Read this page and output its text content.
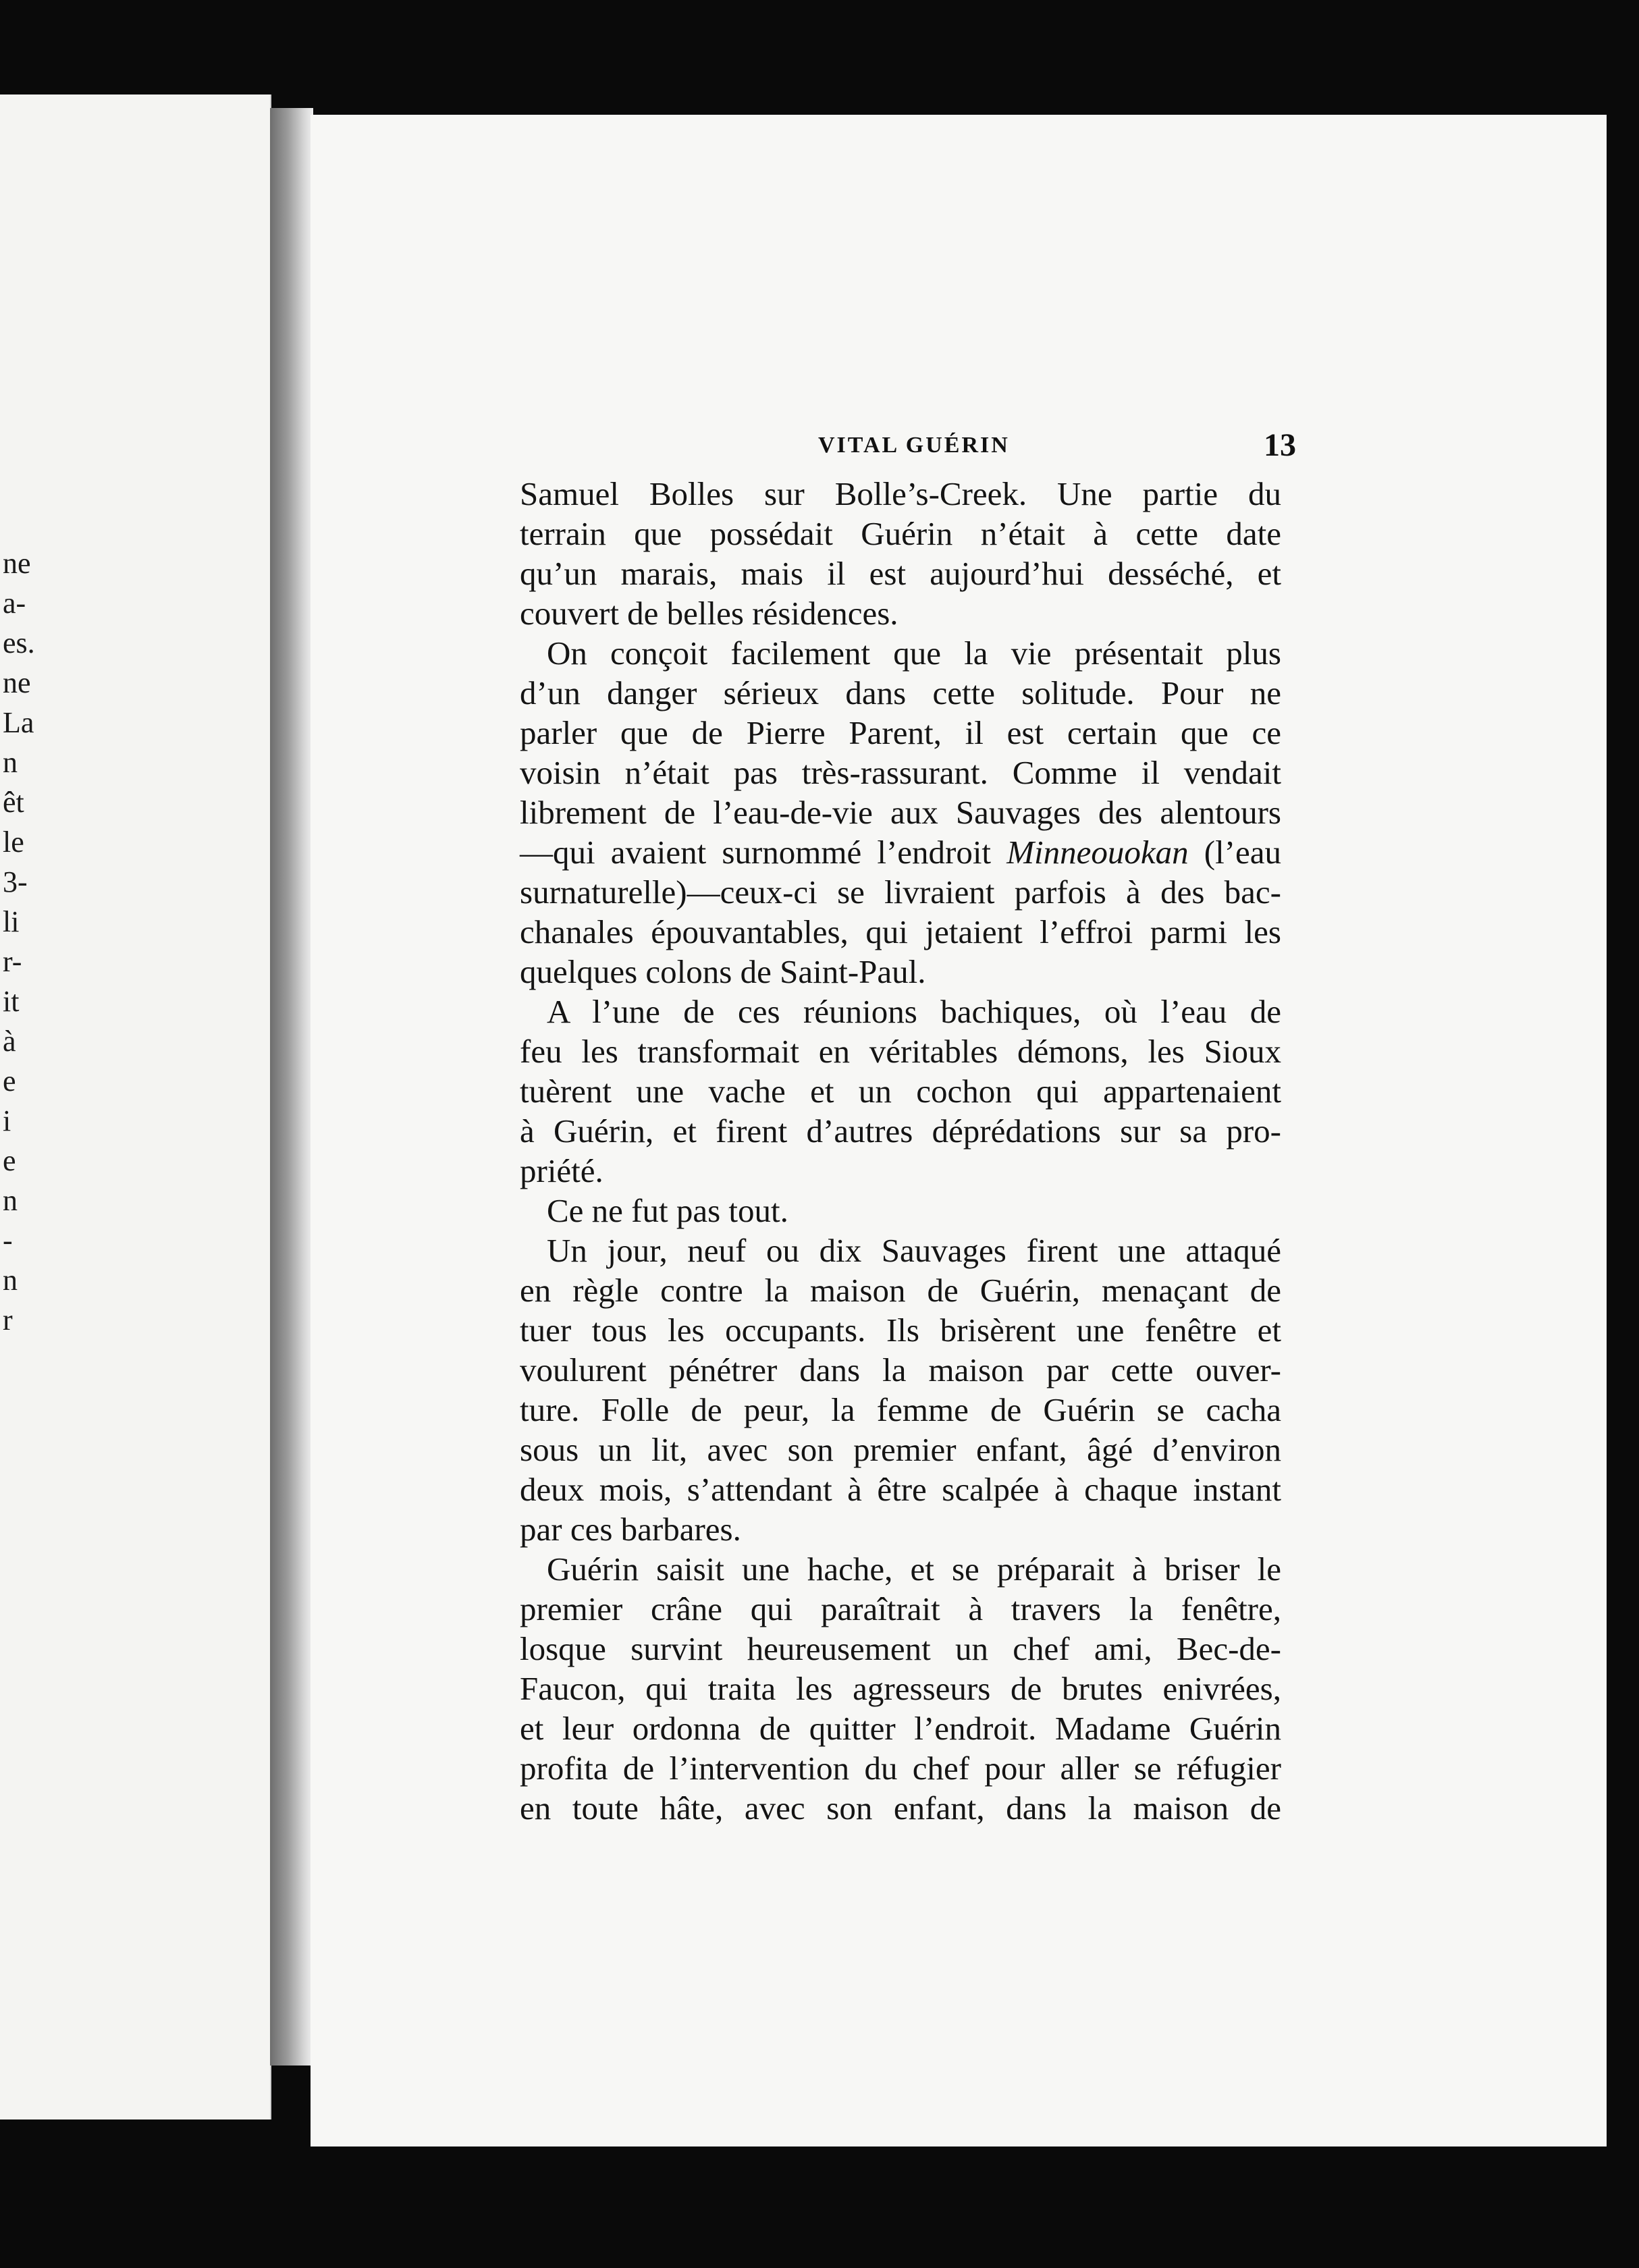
ne
a-
es.
ne
La
n
êt
le
3-
li
r-
it
à
e
i
e
n
-
n
r
VITAL GUÉRIN	13

Samuel Bolles sur Bolle’s-Creek. Une partie du

terrain que possédait Guérin n’était à cette date

qu’un marais, mais il est aujourd’hui desséché, et

couvert de belles résidences.

On conçoit facilement que la vie présentait plus

d’un danger sérieux dans cette solitude. Pour ne

parler que de Pierre Parent, il est certain que ce

voisin n’était pas très-rassurant. Comme il vendait

librement de l’eau-de-vie aux Sauvages des alentours

—qui avaient surnommé l’endroit Minneouokan (l’eau

surnaturelle)—ceux-ci se livraient parfois à des bac-

chanales épouvantables, qui jetaient l’effroi parmi les

quelques colons de Saint-Paul.

A l’une de ces réunions bachiques, où l’eau de

feu les transformait en véritables démons, les Sioux

tuèrent une vache et un cochon qui appartenaient

à Guérin, et firent d’autres déprédations sur sa pro-

priété.

Ce ne fut pas tout.

Un jour, neuf ou dix Sauvages firent une attaqué

en règle contre la maison de Guérin, menaçant de

tuer tous les occupants. Ils brisèrent une fenêtre et

voulurent pénétrer dans la maison par cette ouver-

ture. Folle de peur, la femme de Guérin se cacha

sous un lit, avec son premier enfant, âgé d’environ

deux mois, s’attendant à être scalpée à chaque instant

par ces barbares.

Guérin saisit une hache, et se préparait à briser le

premier crâne qui paraîtrait à travers la fenêtre,

losque survint heureusement un chef ami, Bec-de-

Faucon, qui traita les agresseurs de brutes enivrées,

et leur ordonna de quitter l’endroit. Madame Guérin

profita de l’intervention du chef pour aller se réfugier

en toute hâte, avec son enfant, dans la maison de
